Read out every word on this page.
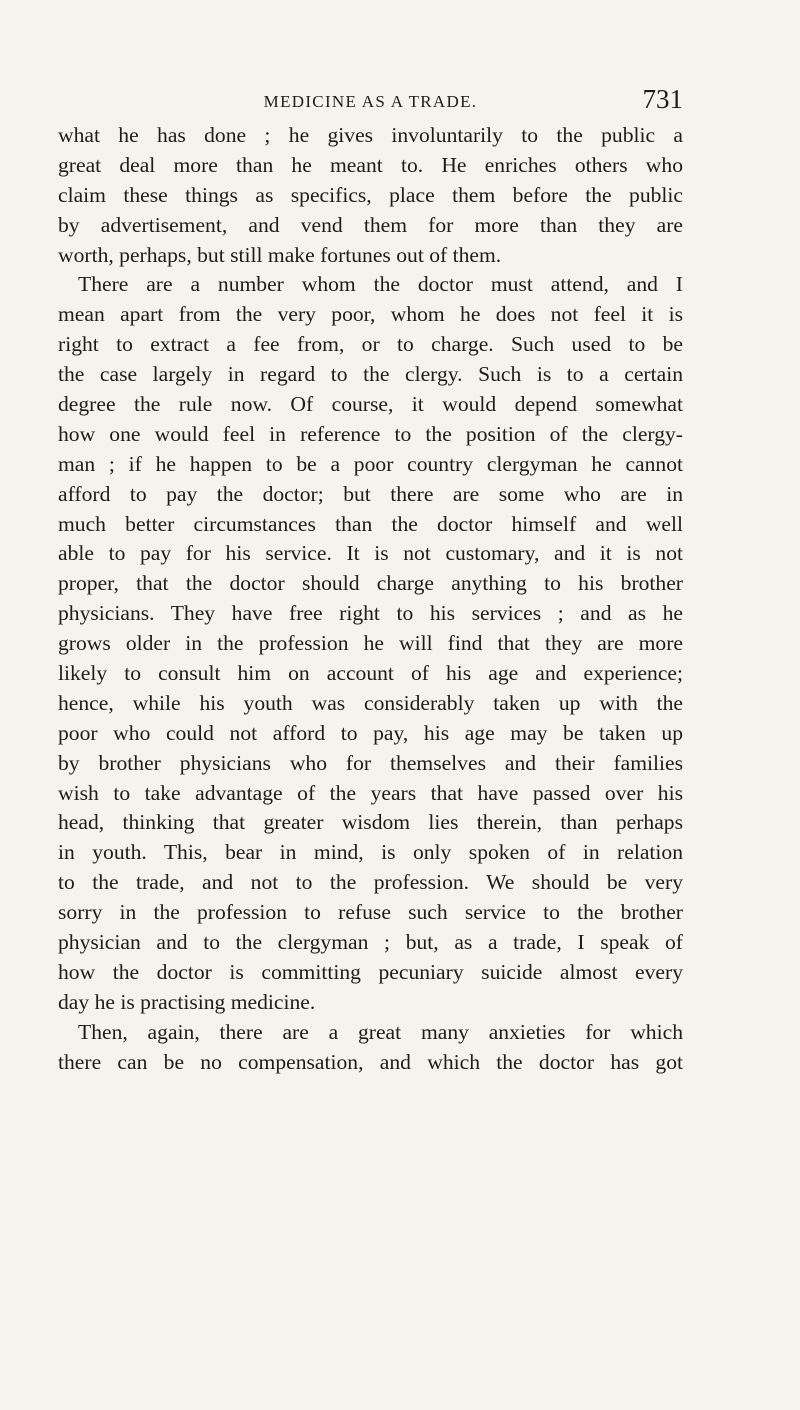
MEDICINE AS A TRADE.	731
what he has done ; he gives involuntarily to the public a
great deal more than he meant to. He enriches others who
claim these things as specifics, place them before the public
by advertisement, and vend them for more than they are
worth, perhaps, but still make fortunes out of them.
There are a number whom the doctor must attend, and I
mean apart from the very poor, whom he does not feel it is
right to extract a fee from, or to charge. Such used to be
the case largely in regard to the clergy. Such is to a certain
degree the rule now. Of course, it would depend somewhat
how one would feel in reference to the position of the clergy-
man ; if he happen to be a poor country clergyman he cannot
afford to pay the doctor; but there are some who are in
much better circumstances than the doctor himself and well
able to pay for his service. It is not customary, and it is not
proper, that the doctor should charge anything to his brother
physicians. They have free right to his services ; and as he
grows older in the profession he will find that they are more
likely to consult him on account of his age and experience;
hence, while his youth was considerably taken up with the
poor who could not afford to pay, his age may be taken up
by brother physicians who for themselves and their families
wish to take advantage of the years that have passed over his
head, thinking that greater wisdom lies therein, than perhaps
in youth. This, bear in mind, is only spoken of in relation
to the trade, and not to the profession. We should be very
sorry in the profession to refuse such service to the brother
physician and to the clergyman ; but, as a trade, I speak of
how the doctor is committing pecuniary suicide almost every
day he is practising medicine.
Then, again, there are a great many anxieties for which
there can be no compensation, and which the doctor has got
